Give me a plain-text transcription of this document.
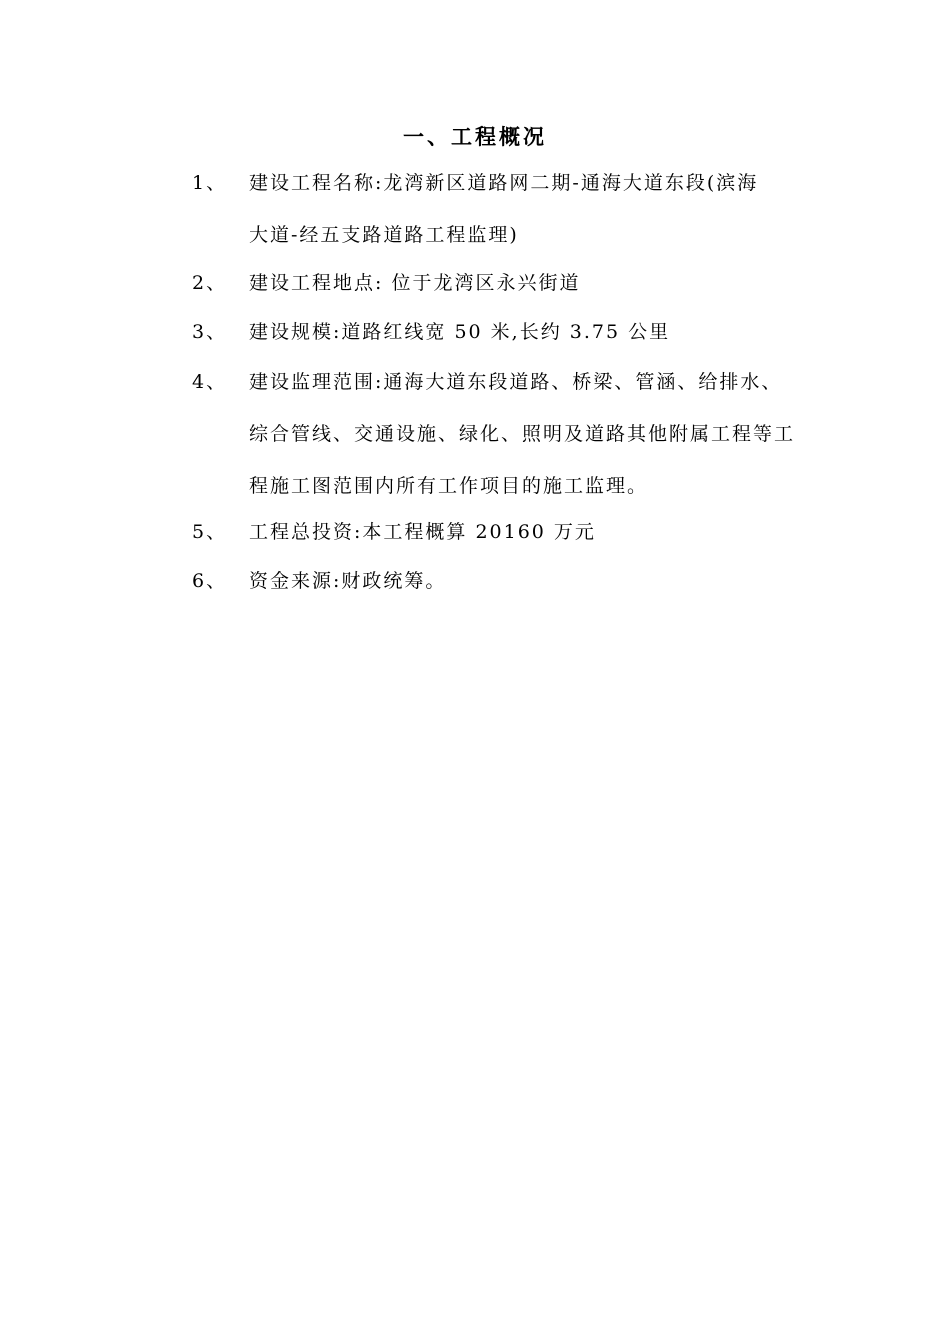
一、工程概况
1、	建设工程名称:龙湾新区道路网二期-通海大道东段(滨海
大道-经五支路道路工程监理)
2、	建设工程地点: 位于龙湾区永兴街道
3、	建设规模:道路红线宽 50 米,长约 3.75 公里
4、	建设监理范围:通海大道东段道路、桥梁、管涵、给排水、
综合管线、交通设施、绿化、照明及道路其他附属工程等工
程施工图范围内所有工作项目的施工监理。
5、	工程总投资:本工程概算 20160 万元
6、	资金来源:财政统筹。
